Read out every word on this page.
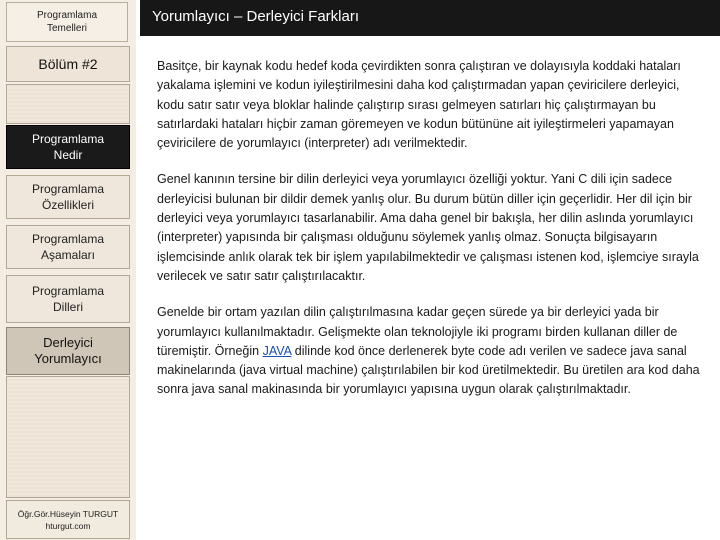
Programlama
Temelleri
Bölüm #2
Programlama
Nedir
Programlama
Özellikleri
Programlama
Aşamaları
Programlama
Dilleri
Derleyici
Yorumlayıcı
Öğr.Gör.Hüseyin TURGUT
hturgut.com
Yorumlayıcı – Derleyici Farkları

Basitçe, bir kaynak kodu hedef koda çevirdikten sonra çalıştıran ve dolayısıyla koddaki hataları yakalama işlemini ve kodun iyileştirilmesini daha kod çalıştırmadan yapan çeviricilere derleyici, kodu satır satır veya bloklar halinde çalıştırıp sırası gelmeyen satırları hiç çalıştırmayan bu satırlardaki hataları hiçbir zaman göremeyen ve kodun bütününe ait iyileştirmeleri yapamayan çeviricilere de yorumlayıcı (interpreter) adı verilmektedir.

Genel kanının tersine bir dilin derleyici veya yorumlayıcı özelliği yoktur. Yani C dili için sadece derleyicisi bulunan bir dildir demek yanlış olur. Bu durum bütün diller için geçerlidir. Her dil için bir derleyici veya yorumlayıcı tasarlanabilir. Ama daha genel bir bakışla, her dilin aslında yorumlayıcı (interpreter) yapısında bir çalışması olduğunu söylemek yanlış olmaz. Sonuçta bilgisayarın işlemcisinde anlık olarak tek bir işlem yapılabilmektedir ve çalışması istenen kod, işlemciye sırayla verilecek ve satır satır çalıştırılacaktır.

Genelde bir ortam yazılan dilin çalıştırılmasına kadar geçen sürede ya bir derleyici yada bir yorumlayıcı kullanılmaktadır. Gelişmekte olan teknolojiyle iki programı birden kullanan diller de türemiştir. Örneğin JAVA dilinde kod önce derlenerek byte code adı verilen ve sadece java sanal makinelarında (java virtual machine) çalıştırılabilen bir kod üretilmektedir. Bu üretilen ara kod daha sonra java sanal makinasında bir yorumlayıcı yapısına uygun olarak çalıştırılmaktadır.
